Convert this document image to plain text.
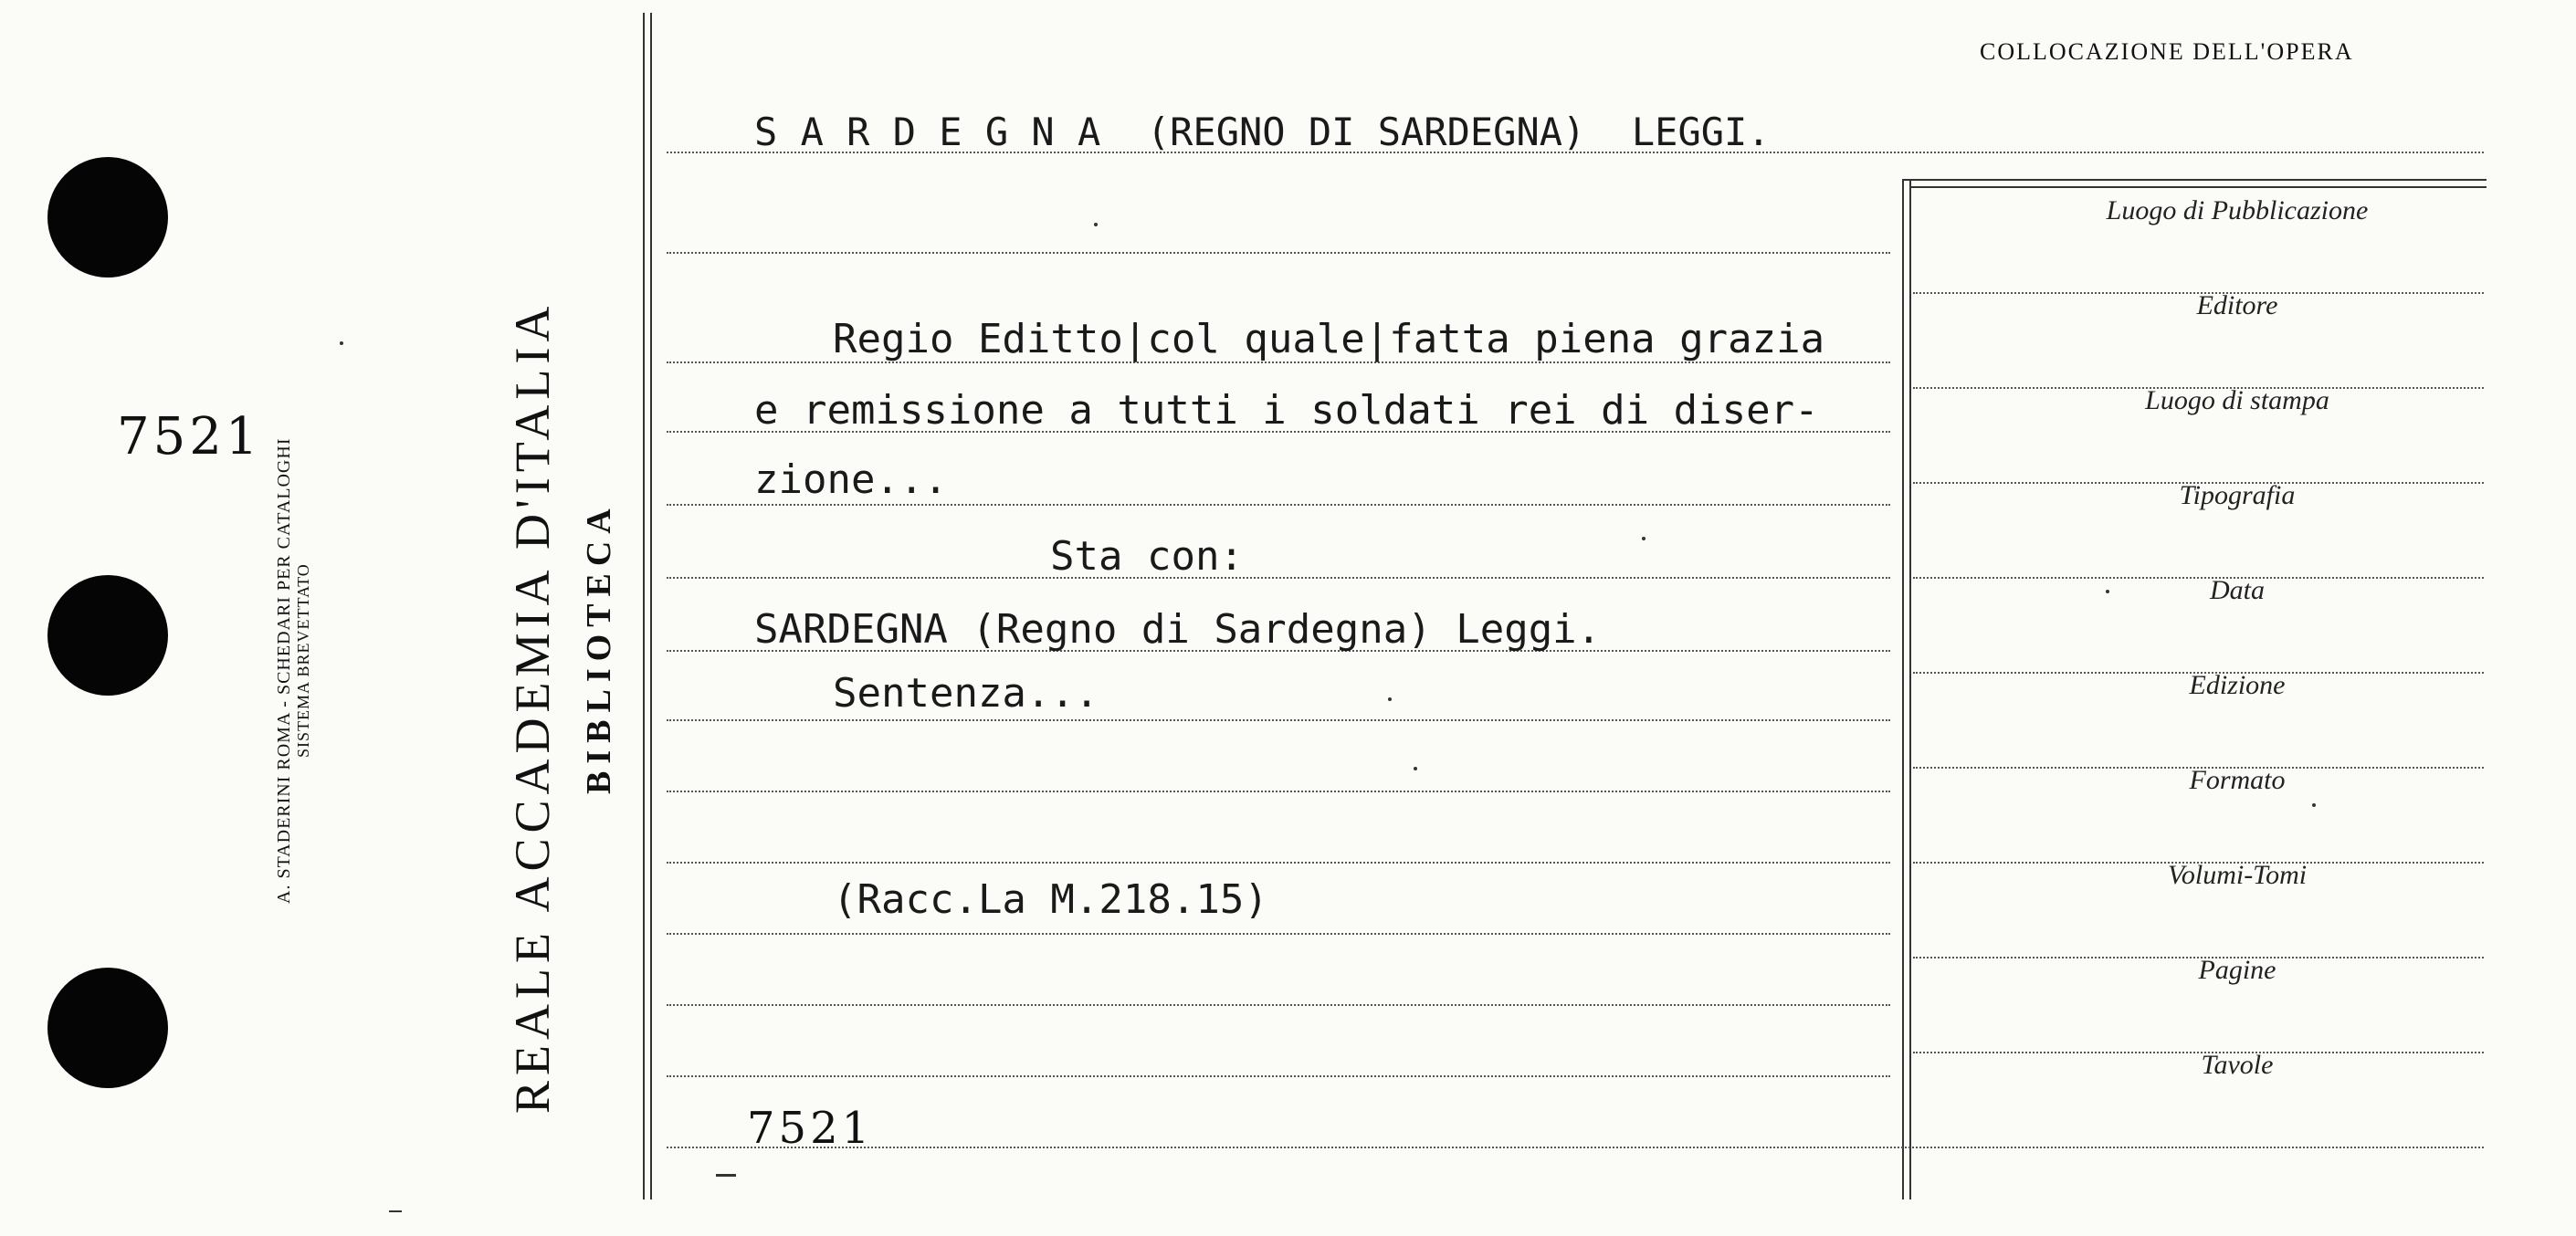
7521
A. STADERINI ROMA - SCHEDARI PER CATALOGHI SISTEMA BREVETTATO	REALE ACCADEMIA D'ITALIA BIBLIOTECA
COLLOCAZIONE DELL'OPERA
Luogo di Pubblicazione
Editore
Luogo di stampa
Tipografia
Data
Edizione
Formato
Volumi-Tomi
Pagine
Tavole
S A R D E G N A  (REGNO DI SARDEGNA)  LEGGI.
Regio Editto|col quale|fatta piena grazia
e remissione a tutti i soldati rei di diser-
zione...
Sta con:
SARDEGNA (Regno di Sardegna) Leggi.
Sentenza...
(Racc.La M.218.15)
7521
